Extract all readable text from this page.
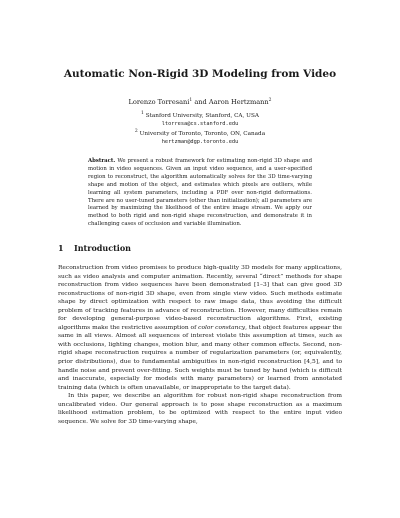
Automatic Non-Rigid 3D Modeling from Video
Lorenzo Torresani$^1$ and Aaron Hertzmann$^2$
$^1$ Stanford University, Stanford, CA, USA
ltorresa@cs.stanford.edu
$^2$ University of Toronto, Toronto, ON, Canada
hertzman@dgp.toronto.edu
Abstract. We present a robust framework for estimating non-rigid 3D shape and motion in video sequences. Given an input video sequence, and a user-specified region to reconstruct, the algorithm automatically solves for the 3D time-varying shape and motion of the object, and estimates which pixels are outliers, while learning all system parameters, including a PDF over non-rigid deformations. There are no user-tuned parameters (other than initialization); all parameters are learned by maximizing the likelihood of the entire image stream. We apply our method to both rigid and non-rigid shape reconstruction, and demonstrate it in challenging cases of occlusion and variable illumination.
1 Introduction

Reconstruction from video promises to produce high-quality 3D models for many applications, such as video analysis and computer animation. Recently, several “direct” methods for shape reconstruction from video sequences have been demonstrated [1–3] that can give good 3D reconstructions of non-rigid 3D shape, even from single view video. Such methods estimate shape by direct optimization with respect to raw image data, thus avoiding the difficult problem of tracking features in advance of reconstruction. However, many difficulties remain for developing general-purpose video-based reconstruction algorithms. First, existing algorithms make the restrictive assumption of color constancy, that object features appear the same in all views. Almost all sequences of interest violate this assumption at times, such as with occlusions, lighting changes, motion blur, and many other common effects. Second, non-rigid shape reconstruction requires a number of regularization parameters (or, equivalently, prior distributions), due to fundamental ambiguities in non-rigid reconstruction [4,5], and to handle noise and prevent over-fitting. Such weights must be tuned by hand (which is difficult and inaccurate, especially for models with many parameters) or learned from annotated training data (which is often unavailable, or inappropriate to the target data).

In this paper, we describe an algorithm for robust non-rigid shape reconstruction from uncalibrated video. Our general approach is to pose shape reconstruction as a maximum likelihood estimation problem, to be optimized with respect to the entire input video sequence. We solve for 3D time-varying shape,
